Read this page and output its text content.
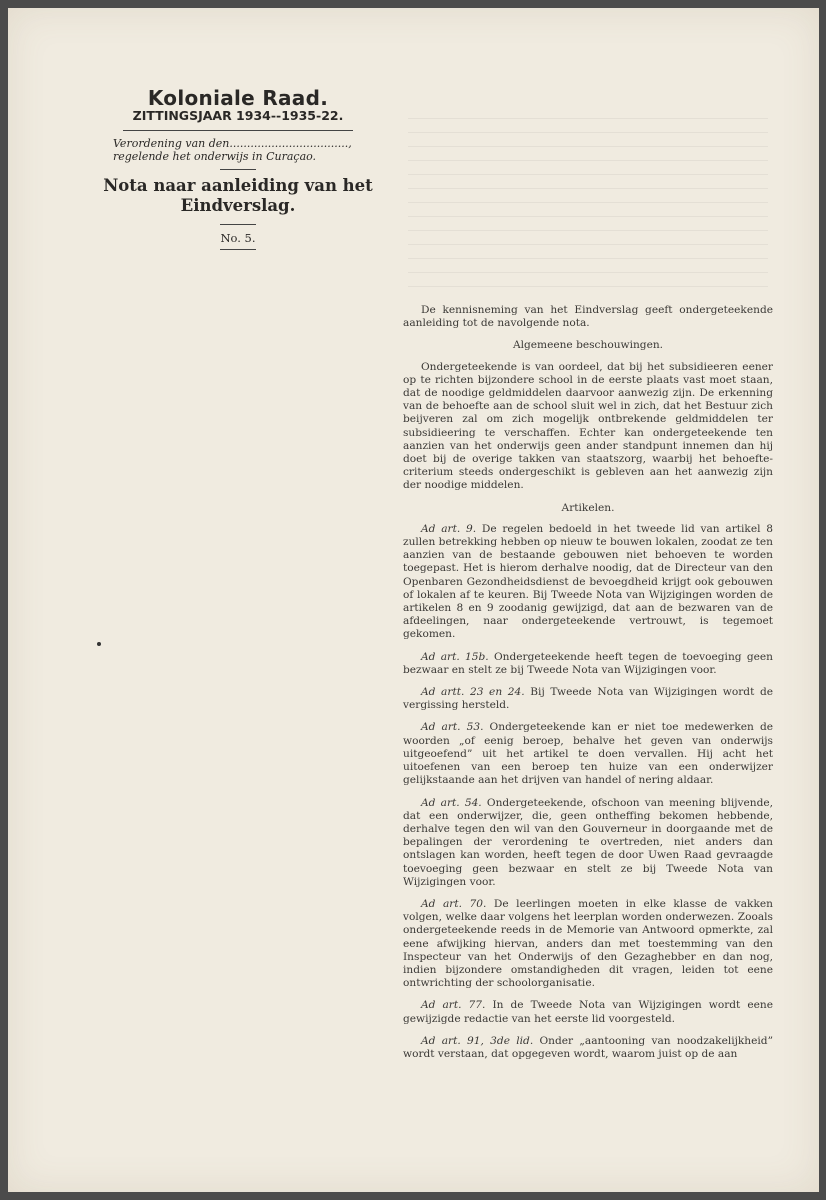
Koloniale Raad.
ZITTINGSJAAR 1934--1935-22.
Verordening van den..................................,
regelende het onderwijs in Curaçao.
Nota naar aanleiding van het
Eindverslag.
No. 5.

De kennisneming van het Eindverslag geeft ondergeteekende aanleiding tot de navolgende nota.

Algemeene beschouwingen.

Ondergeteekende is van oordeel, dat bij het subsidieeren eener op te richten bijzondere school in de eerste plaats vast moet staan, dat de noodige geldmiddelen daarvoor aanwezig zijn. De erkenning van de behoefte aan de school sluit wel in zich, dat het Bestuur zich beijveren zal om zich mogelijk ontbrekende geldmiddelen ter subsidieering te verschaffen. Echter kan ondergeteekende ten aanzien van het onderwijs geen ander standpunt innemen dan hij doet bij de overige takken van staatszorg, waarbij het behoefte-criterium steeds ondergeschikt is gebleven aan het aanwezig zijn der noodige middelen.

Artikelen.

Ad art. 9. De regelen bedoeld in het tweede lid van artikel 8 zullen betrekking hebben op nieuw te bouwen lokalen, zoodat ze ten aanzien van de bestaande gebouwen niet behoeven te worden toegepast. Het is hierom derhalve noodig, dat de Directeur van den Openbaren Gezondheidsdienst de bevoegdheid krijgt ook gebouwen of lokalen af te keuren. Bij Tweede Nota van Wijzigingen worden de artikelen 8 en 9 zoodanig gewijzigd, dat aan de bezwaren van de afdeelingen, naar ondergeteekende vertrouwt, is tegemoet gekomen.

Ad art. 15b. Ondergeteekende heeft tegen de toevoeging geen bezwaar en stelt ze bij Tweede Nota van Wijzigingen voor.

Ad artt. 23 en 24. Bij Tweede Nota van Wijzigingen wordt de vergissing hersteld.

Ad art. 53. Ondergeteekende kan er niet toe medewerken de woorden „of eenig beroep, behalve het geven van onderwijs uitgeoefend” uit het artikel te doen vervallen. Hij acht het uitoefenen van een beroep ten huize van een onderwijzer gelijkstaande aan het drijven van handel of nering aldaar.

Ad art. 54. Ondergeteekende, ofschoon van meening blijvende, dat een onderwijzer, die, geen ontheffing bekomen hebbende, derhalve tegen den wil van den Gouverneur in doorgaande met de bepalingen der verordening te overtreden, niet anders dan ontslagen kan worden, heeft tegen de door Uwen Raad gevraagde toevoeging geen bezwaar en stelt ze bij Tweede Nota van Wijzigingen voor.

Ad art. 70. De leerlingen moeten in elke klasse de vakken volgen, welke daar volgens het leerplan worden onderwezen. Zooals ondergeteekende reeds in de Memorie van Antwoord opmerkte, zal eene afwijking hiervan, anders dan met toestemming van den Inspecteur van het Onderwijs of den Gezaghebber en dan nog, indien bijzondere omstandigheden dit vragen, leiden tot eene ontwrichting der schoolorganisatie.

Ad art. 77. In de Tweede Nota van Wijzigingen wordt eene gewijzigde redactie van het eerste lid voorgesteld.

Ad art. 91, 3de lid. Onder „aantooning van noodzakelijkheid” wordt verstaan, dat opgegeven wordt, waarom juist op de aan
